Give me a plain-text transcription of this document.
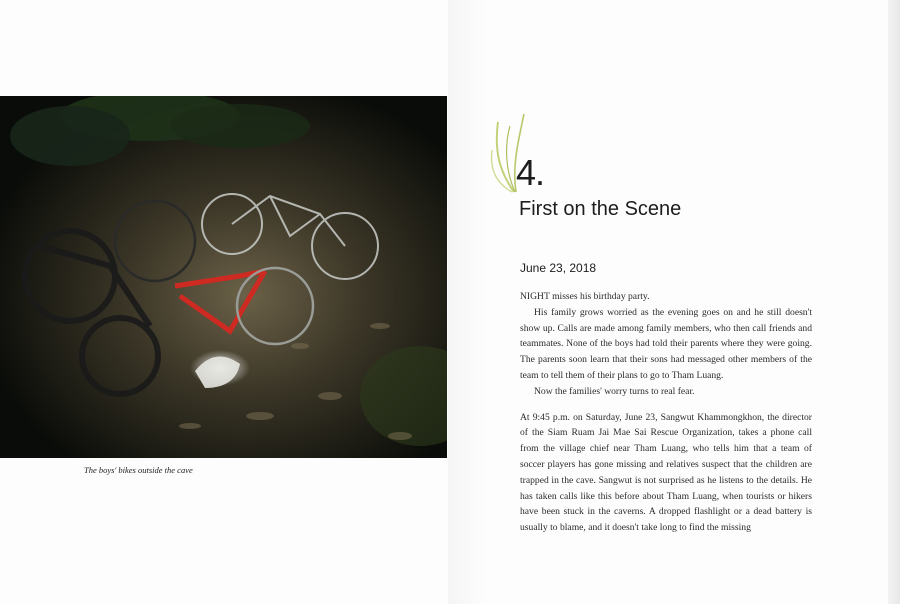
The boys' bikes outside the cave
4.
First on the Scene
June 23, 2018

NIGHT misses his birthday party.

His family grows worried as the evening goes on and he still doesn't show up. Calls are made among family members, who then call friends and teammates. None of the boys had told their parents where they were going. The parents soon learn that their sons had messaged other members of the team to tell them of their plans to go to Tham Luang.

Now the families' worry turns to real fear.

At 9:45 p.m. on Saturday, June 23, Sangwut Khammongkhon, the director of the Siam Ruam Jai Mae Sai Rescue Organization, takes a phone call from the village chief near Tham Luang, who tells him that a team of soccer players has gone missing and relatives suspect that the children are trapped in the cave. Sangwut is not surprised as he listens to the details. He has taken calls like this before about Tham Luang, when tourists or hikers have been stuck in the caverns. A dropped flashlight or a dead battery is usually to blame, and it doesn't take long to find the missing
